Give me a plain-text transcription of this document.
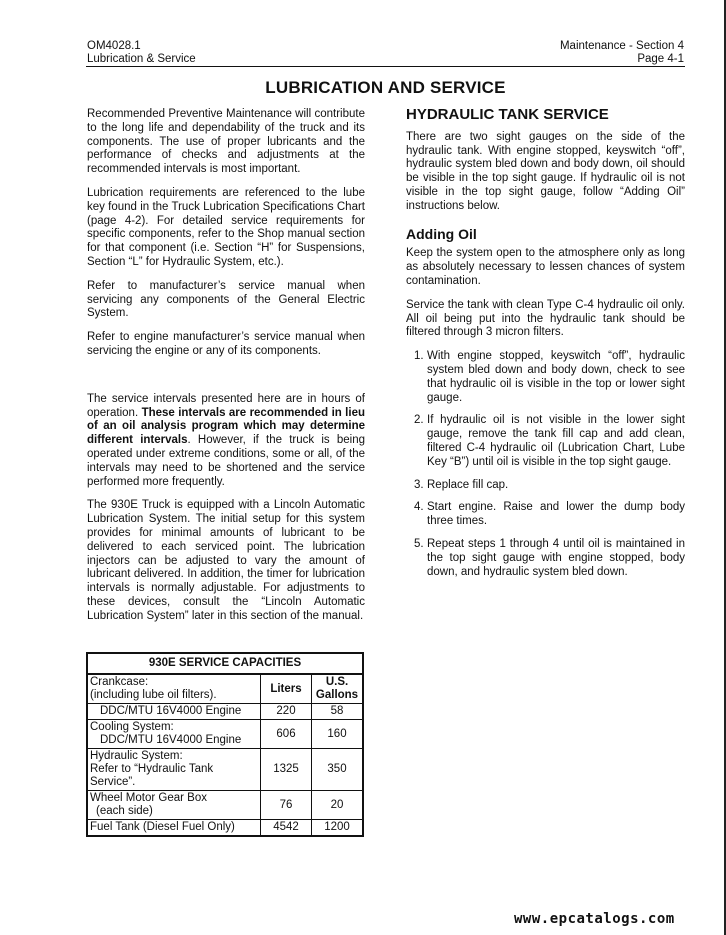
OM4028.1
Lubrication & Service
Maintenance - Section 4
Page 4-1
LUBRICATION AND SERVICE

Recommended Preventive Maintenance will contribute to the long life and dependability of the truck and its components. The use of proper lubricants and the performance of checks and adjustments at the recommended intervals is most important.

Lubrication requirements are referenced to the lube key found in the Truck Lubrication Specifications Chart (page 4-2). For detailed service requirements for specific components, refer to the Shop manual section for that component (i.e. Section “H” for Suspensions, Section “L” for Hydraulic System, etc.).

Refer to manufacturer’s service manual when servicing any components of the General Electric System.

Refer to engine manufacturer’s service manual when servicing the engine or any of its components.

The service intervals presented here are in hours of operation. These intervals are recommended in lieu of an oil analysis program which may determine different intervals. However, if the truck is being operated under extreme conditions, some or all, of the intervals may need to be shortened and the service performed more frequently.

The 930E Truck is equipped with a Lincoln Automatic Lubrication System. The initial setup for this system provides for minimal amounts of lubricant to be delivered to each serviced point. The lubrication injectors can be adjusted to vary the amount of lubricant delivered. In addition, the timer for lubrication intervals is normally adjustable. For adjustments to these devices, consult the “Lincoln Automatic Lubrication System” later in this section of the manual.

HYDRAULIC TANK SERVICE

There are two sight gauges on the side of the hydraulic tank. With engine stopped, keyswitch “off”, hydraulic system bled down and body down, oil should be visible in the top sight gauge. If hydraulic oil is not visible in the top sight gauge, follow “Adding Oil” instructions below.

Adding Oil

Keep the system open to the atmosphere only as long as absolutely necessary to lessen chances of system contamination.

Service the tank with clean Type C-4 hydraulic oil only. All oil being put into the hydraulic tank should be filtered through 3 micron filters.

1. With engine stopped, keyswitch “off”, hydraulic system bled down and body down, check to see that hydraulic oil is visible in the top or lower sight gauge.
2. If hydraulic oil is not visible in the lower sight gauge, remove the tank fill cap and add clean, filtered C-4 hydraulic oil (Lubrication Chart, Lube Key “B”) until oil is visible in the top sight gauge.
3. Replace fill cap.
4. Start engine. Raise and lower the dump body three times.
5. Repeat steps 1 through 4 until oil is maintained in the top sight gauge with engine stopped, body down, and hydraulic system bled down.
930E SERVICE CAPACITIES		

Crankcase:
(including lube oil filters).	Liters	U.S. Gallons
DDC/MTU 16V4000 Engine	220	58

Cooling System:
DDC/MTU 16V4000 Engine	606	160

Hydraulic System:
Refer to “Hydraulic Tank Service”.	1325	350

Wheel Motor Gear Box
(each side)	76	20
Fuel Tank (Diesel Fuel Only)	4542	1200
www.epcatalogs.com
